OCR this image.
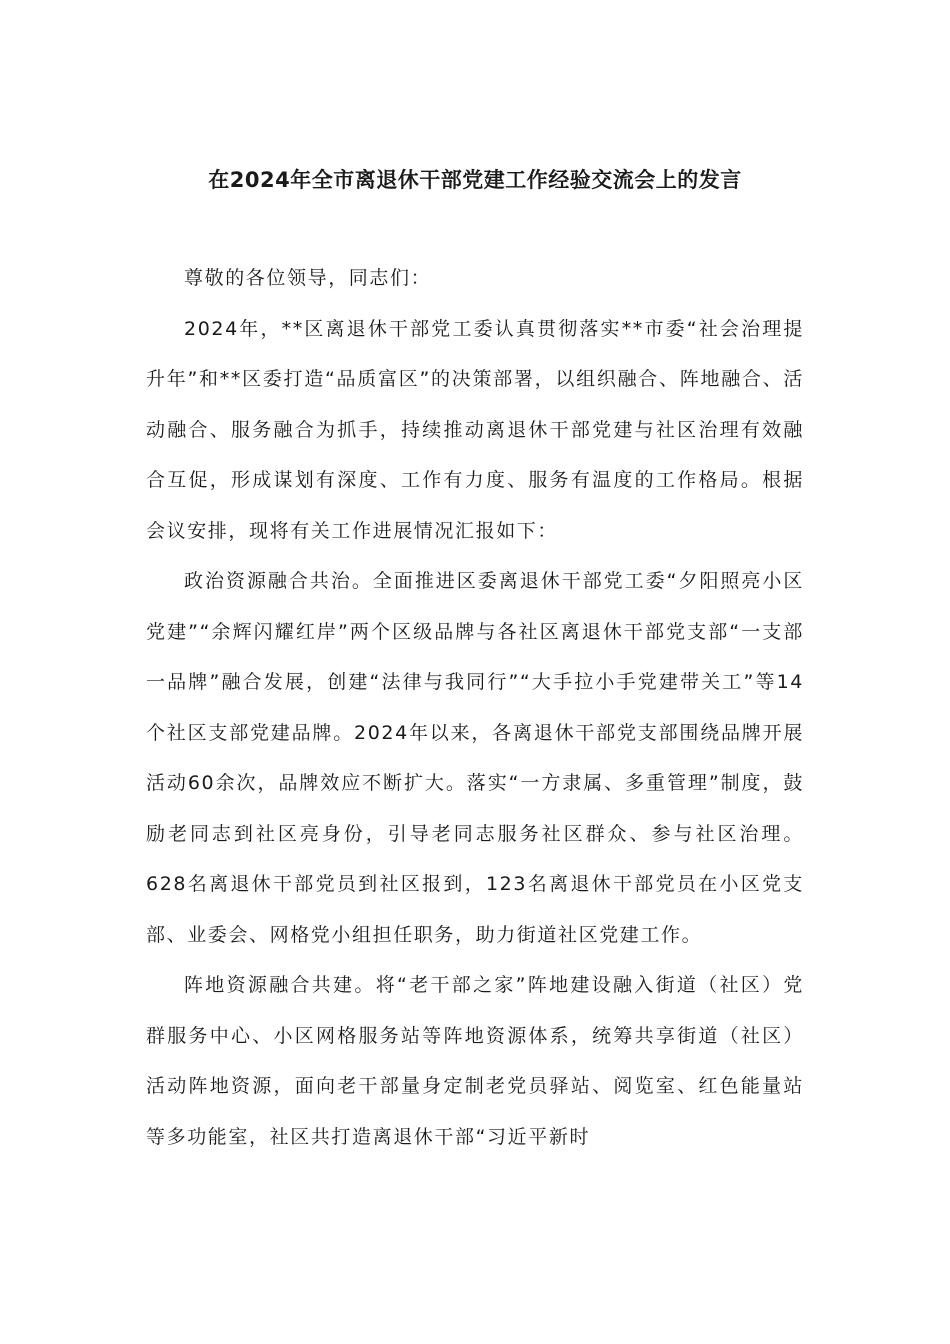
在2024年全市离退休干部党建工作经验交流会上的发言

尊敬的各位领导，同志们：

2024年，**区离退休干部党工委认真贯彻落实**市委“社会治理提升年”和**区委打造“品质富区”的决策部署，以组织融合、阵地融合、活动融合、服务融合为抓手，持续推动离退休干部党建与社区治理有效融合互促，形成谋划有深度、工作有力度、服务有温度的工作格局。根据会议安排，现将有关工作进展情况汇报如下：

政治资源融合共治。全面推进区委离退休干部党工委“夕阳照亮小区党建”“余辉闪耀红岸”两个区级品牌与各社区离退休干部党支部“一支部一品牌”融合发展，创建“法律与我同行”“大手拉小手党建带关工”等14个社区支部党建品牌。2024年以来，各离退休干部党支部围绕品牌开展活动60余次，品牌效应不断扩大。落实“一方隶属、多重管理”制度，鼓励老同志到社区亮身份，引导老同志服务社区群众、参与社区治理。628名离退休干部党员到社区报到，123名离退休干部党员在小区党支部、业委会、网格党小组担任职务，助力街道社区党建工作。

阵地资源融合共建。将“老干部之家”阵地建设融入街道（社区）党群服务中心、小区网格服务站等阵地资源体系，统筹共享街道（社区）活动阵地资源，面向老干部量身定制老党员驿站、阅览室、红色能量站等多功能室，社区共打造离退休干部“习近平新时
